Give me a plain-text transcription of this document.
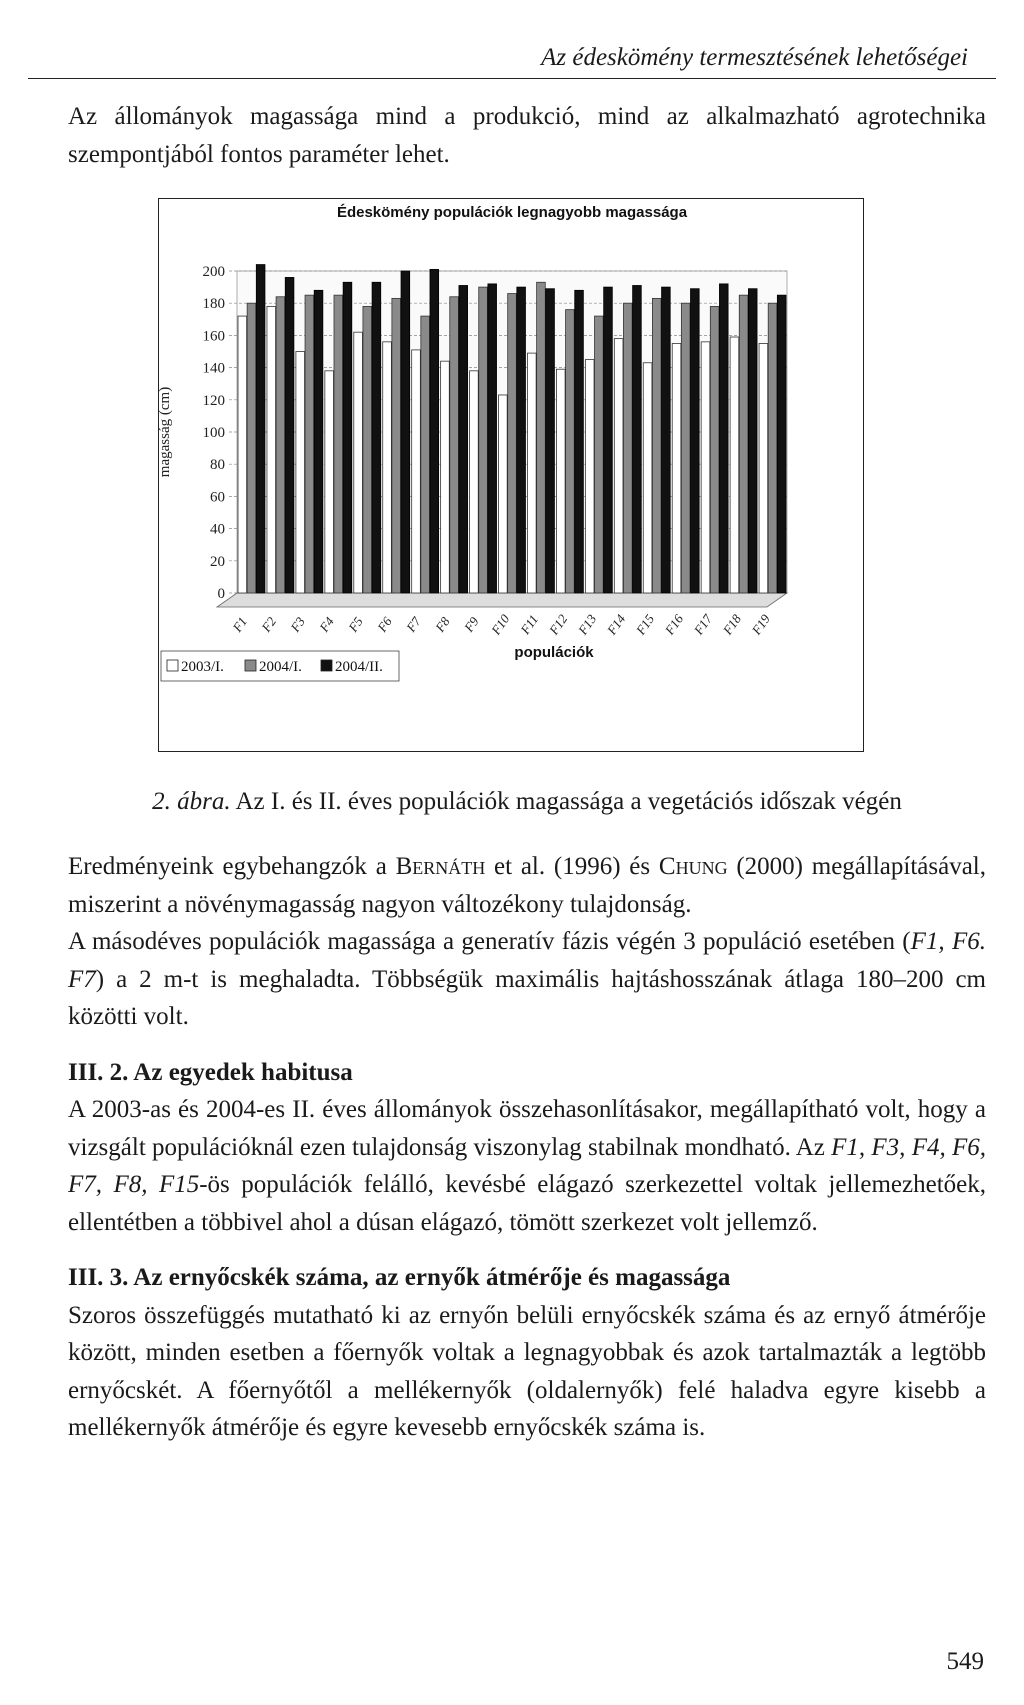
Az édeskömény termesztésének lehetőségei

Az állományok magassága mind a produkció, mind az alkalmazható agrotechnika szempontjából fontos paraméter lehet.

Édeskömény populációk legnagyobb magassága
0
20
40
60
80
100
120
140
160
180
200
magasság (cm)
F1 F2 F3 F4 F5 F6 F7 F8 F9 F10 F11 F12 F13 F14 F15 F16 F17 F18 F19
populációk
2003/I. 2004/I. 2004/II.
2. ábra. Az I. és II. éves populációk magassága a vegetációs időszak végén

Eredményeink egybehangzók a Bernáth et al. (1996) és Chung (2000) megállapításával, miszerint a növénymagasság nagyon változékony tulajdonság.

A másodéves populációk magassága a generatív fázis végén 3 populáció esetében (F1, F6. F7) a 2 m-t is meghaladta. Többségük maximális hajtáshosszának átlaga 180–200 cm közötti volt.

III. 2. Az egyedek habitusa

A 2003-as és 2004-es II. éves állományok összehasonlításakor, megállapítható volt, hogy a vizsgált populációknál ezen tulajdonság viszonylag stabilnak mondható. Az F1, F3, F4, F6, F7, F8, F15-ös populációk felálló, kevésbé elágazó szerkezettel voltak jellemezhetőek, ellentétben a többivel ahol a dúsan elágazó, tömött szerkezet volt jellemző.

III. 3. Az ernyőcskék száma, az ernyők átmérője és magassága

Szoros összefüggés mutatható ki az ernyőn belüli ernyőcskék száma és az ernyő átmérője között, minden esetben a főernyők voltak a legnagyobbak és azok tartalmazták a legtöbb ernyőcskét. A főernyőtől a mellékernyők (oldalernyők) felé haladva egyre kisebb a mellékernyők átmérője és egyre kevesebb ernyőcskék száma is.

549
